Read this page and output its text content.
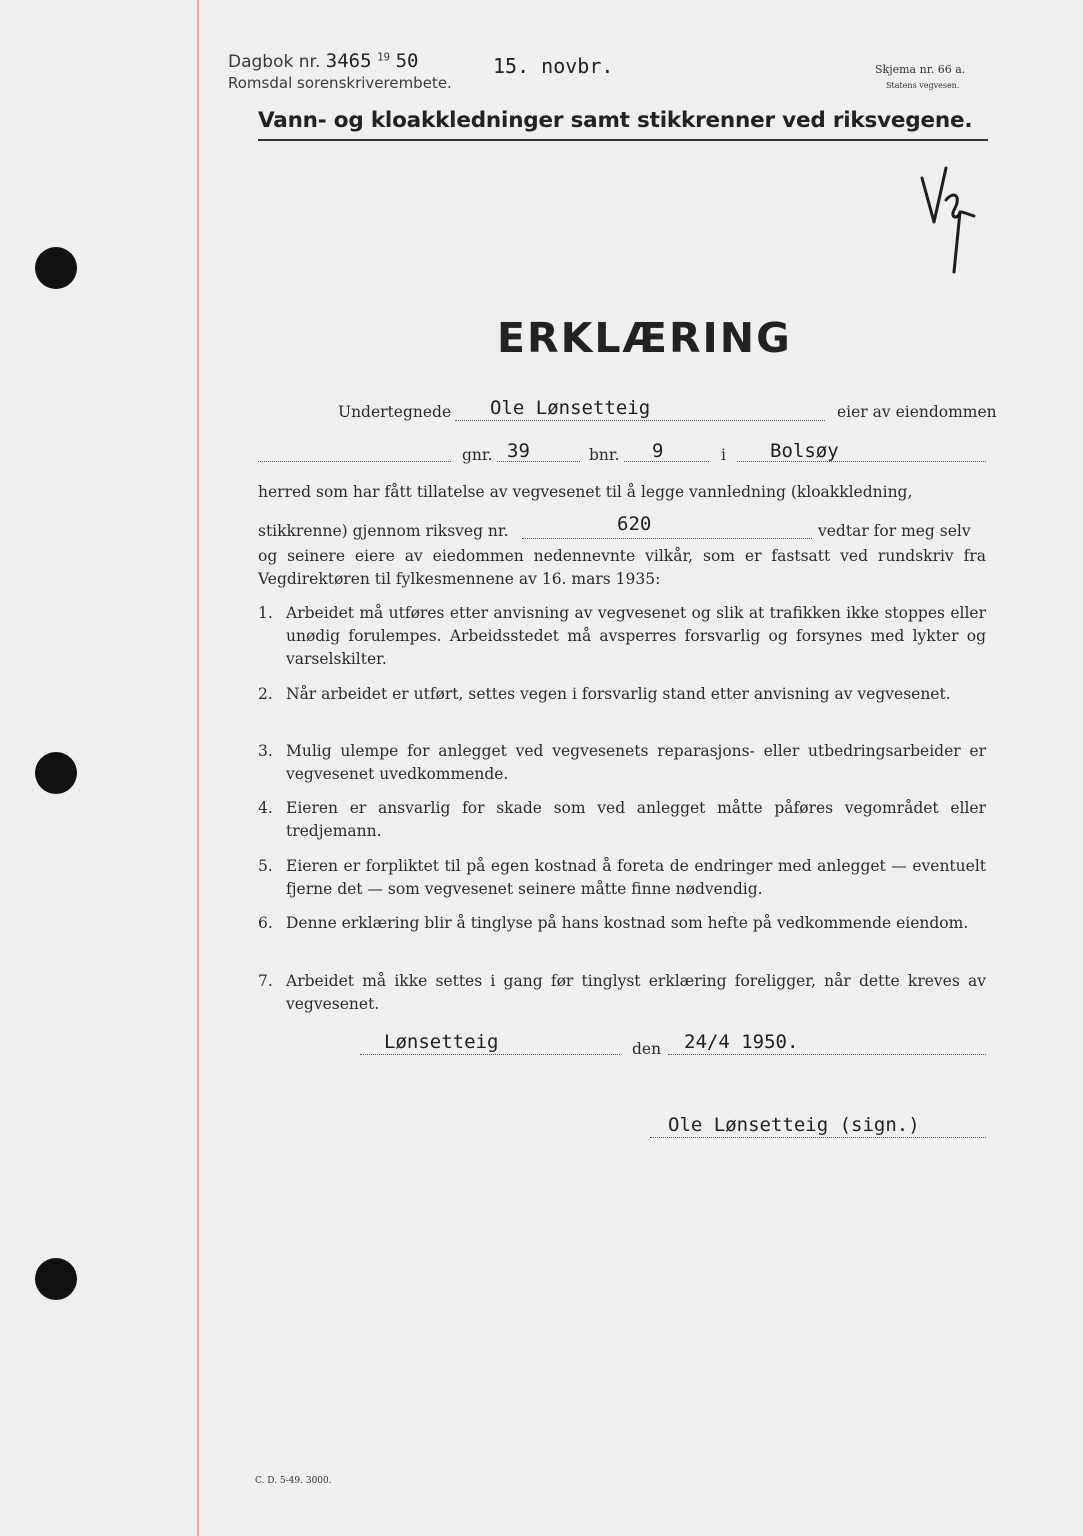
Dagbok nr. 3465 $^{19}$ 50
Romsdal sorenskriverembete.
15. novbr.	Skjema nr. 66 a.
Statens vegvesen.
Vann- og kloakkledninger samt stikkrenner ved riksvegene.
ERKLÆRING
Undertegnede Ole Lønsetteig	eier av eiendommen
gnr. 39	bnr. 9	i Bolsøy
herred som har fått tillatelse av vegvesenet til å legge vannledning (kloakkledning,
stikkrenne) gjennom riksveg nr.	620	vedtar for meg selv
og seinere eiere av eiedommen nedennevnte vilkår, som er fastsatt ved rundskriv fra Vegdirektøren til fylkesmennene av 16. mars 1935:
1. Arbeidet må utføres etter anvisning av vegvesenet og slik at trafikken ikke stoppes eller unødig forulempes. Arbeidsstedet må avsperres forsvarlig og forsynes med lykter og varselskilter.
2. Når arbeidet er utført, settes vegen i forsvarlig stand etter anvisning av vegvesenet.
3. Mulig ulempe for anlegget ved vegvesenets reparasjons- eller utbedringsarbeider er vegvesenet uvedkommende.
4. Eieren er ansvarlig for skade som ved anlegget måtte påføres vegområdet eller tredjemann.
5. Eieren er forpliktet til på egen kostnad å foreta de endringer med anlegget — eventuelt fjerne det — som vegvesenet seinere måtte finne nødvendig.
6. Denne erklæring blir å tinglyse på hans kostnad som hefte på vedkommende eiendom.
7. Arbeidet må ikke settes i gang før tinglyst erklæring foreligger, når dette kreves av vegvesenet.
Lønsetteig	den 24/4 1950.
Ole Lønsetteig (sign.)
C. D. 5-49. 3000.
